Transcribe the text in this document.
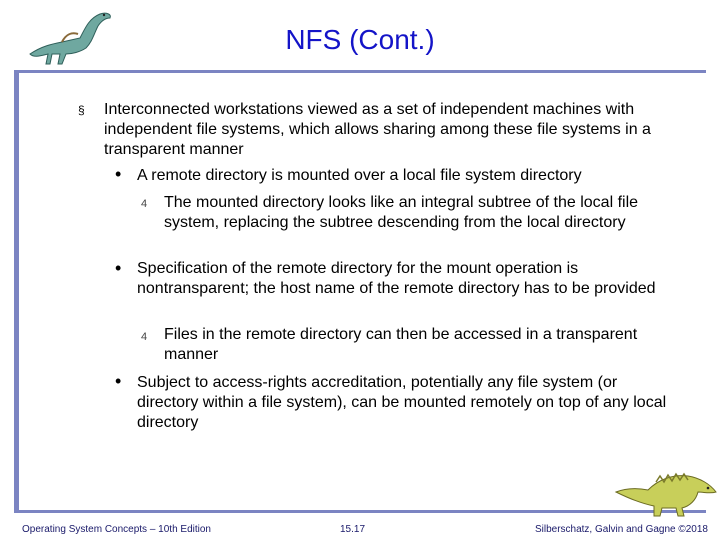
NFS (Cont.)
§ Interconnected workstations viewed as a set of independent machines with independent file systems, which allows sharing among these file systems in a transparent manner
• A remote directory is mounted over a local file system directory
4 The mounted directory looks like an integral subtree of the local file system, replacing the subtree descending from the local directory
• Specification of the remote directory for the mount operation is nontransparent; the host name of the remote directory has to be provided
4 Files in the remote directory can then be accessed in a transparent manner
• Subject to access-rights accreditation, potentially any file system (or directory within a file system), can be mounted remotely on top of any local directory
Operating System Concepts – 10th Edition	15.17	Silberschatz, Galvin and Gagne ©2018
